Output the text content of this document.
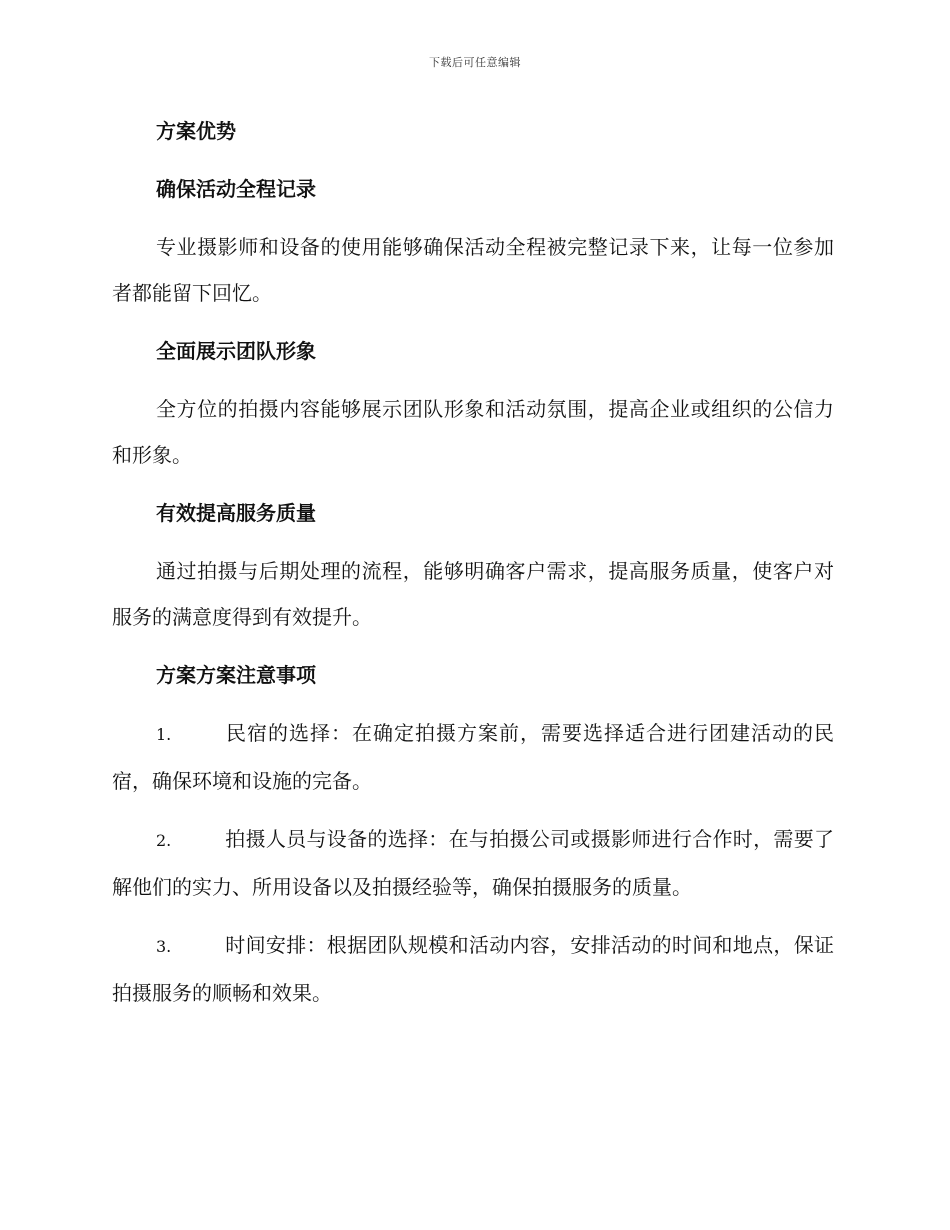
下载后可任意编辑
方案优势
确保活动全程记录
专业摄影师和设备的使用能够确保活动全程被完整记录下来，让每一位参加者都能留下回忆。
全面展示团队形象
全方位的拍摄内容能够展示团队形象和活动氛围，提高企业或组织的公信力和形象。
有效提高服务质量
通过拍摄与后期处理的流程，能够明确客户需求，提高服务质量，使客户对服务的满意度得到有效提升。
方案方案注意事项
1.	民宿的选择：在确定拍摄方案前，需要选择适合进行团建活动的民宿，确保环境和设施的完备。
2.	拍摄人员与设备的选择：在与拍摄公司或摄影师进行合作时，需要了解他们的实力、所用设备以及拍摄经验等，确保拍摄服务的质量。
3.	时间安排：根据团队规模和活动内容，安排活动的时间和地点，保证拍摄服务的顺畅和效果。
